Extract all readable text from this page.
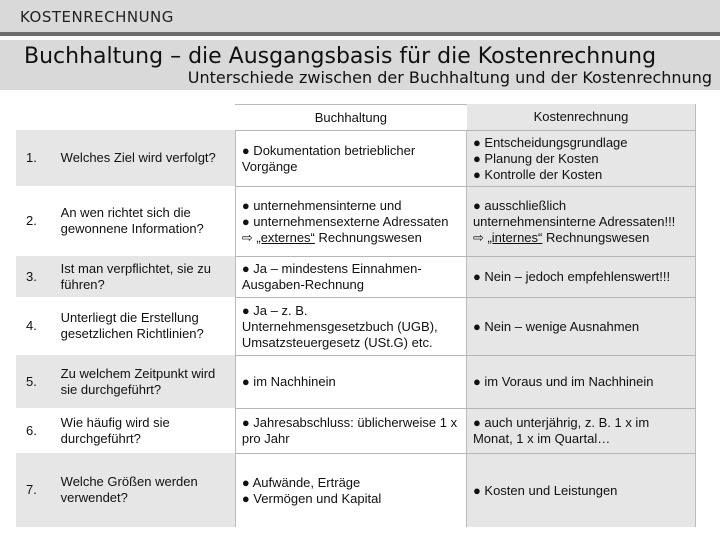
KOSTENRECHNUNG
Buchhaltung – die Ausgangsbasis für die Kostenrechnung
Unterschiede zwischen der Buchhaltung und der Kostenrechnung
		Buchhaltung	Kostenrechnung
1.	Welches Ziel wird verfolgt?	● Dokumentation betrieblicher Vorgänge	● Entscheidungsgrundlage
● Planung der Kosten
● Kontrolle der Kosten

2.	An wen richtet sich die gewonnene Information?	● unternehmensinterne und
● unternehmensexterne Adressaten
⇨ „externes“ Rechnungswesen	● ausschließlich unternehmensinterne Adressaten!!!
⇨ „internes“ Rechnungswesen

3.	Ist man verpflichtet, sie zu führen?	● Ja – mindestens Einnahmen-Ausgaben-Rechnung	● Nein – jedoch empfehlenswert!!!

4.	Unterliegt die Erstellung gesetzlichen Richtlinien?	● Ja – z. B. Unternehmensgesetzbuch (UGB), Umsatzsteuergesetz (USt.G) etc.	● Nein – wenige Ausnahmen

5.	Zu welchem Zeitpunkt wird sie durchgeführt?	● im Nachhinein	● im Voraus und im Nachhinein

6.	Wie häufig wird sie durchgeführt?	● Jahresabschluss: üblicherweise 1 x pro Jahr	● auch unterjährig, z. B. 1 x im Monat, 1 x im Quartal…

7.	Welche Größen werden verwendet?	● Aufwände, Erträge
● Vermögen und Kapital	● Kosten und Leistungen
